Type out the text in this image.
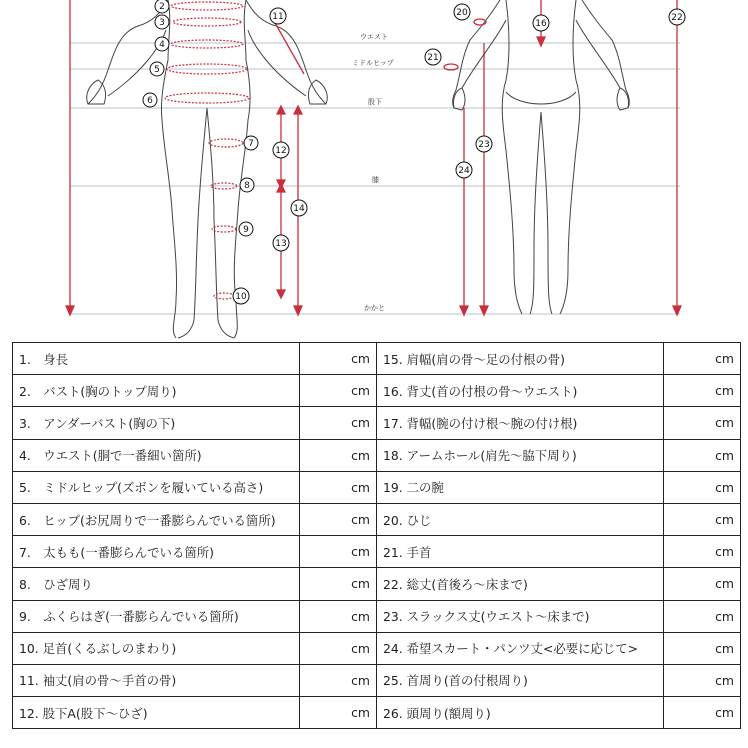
ウエスト
ミドルヒップ
股下
膝
かかと
2
3
4
5
6
7
8
9
10
11
12
13
14
20
21
22
23
24
16
1.　身長	cm	15. 肩幅(肩の骨〜足の付根の骨)	cm
2.　バスト(胸のトップ周り)	cm	16. 背丈(首の付根の骨〜ウエスト)	cm
3.　アンダーバスト(胸の下)	cm	17. 背幅(腕の付け根〜腕の付け根)	cm
4.　ウエスト(胴で一番細い箇所)	cm	18. アームホール(肩先〜脇下周り)	cm
5.　ミドルヒップ(ズボンを履いている高さ)	cm	19. 二の腕	cm
6.　ヒップ(お尻周りで一番膨らんでいる箇所)	cm	20. ひじ	cm
7.　太もも(一番膨らんでいる箇所)	cm	21. 手首	cm
8.　ひざ周り	cm	22. 総丈(首後ろ〜床まで)	cm
9.　ふくらはぎ(一番膨らんでいる箇所)	cm	23. スラックス丈(ウエスト〜床まで)	cm
10. 足首(くるぶしのまわり)	cm	24. 希望スカート・パンツ丈<必要に応じて>	cm
11. 袖丈(肩の骨〜手首の骨)	cm	25. 首周り(首の付根周り)	cm
12. 股下A(股下〜ひざ)	cm	26. 頭周り(額周り)	cm
